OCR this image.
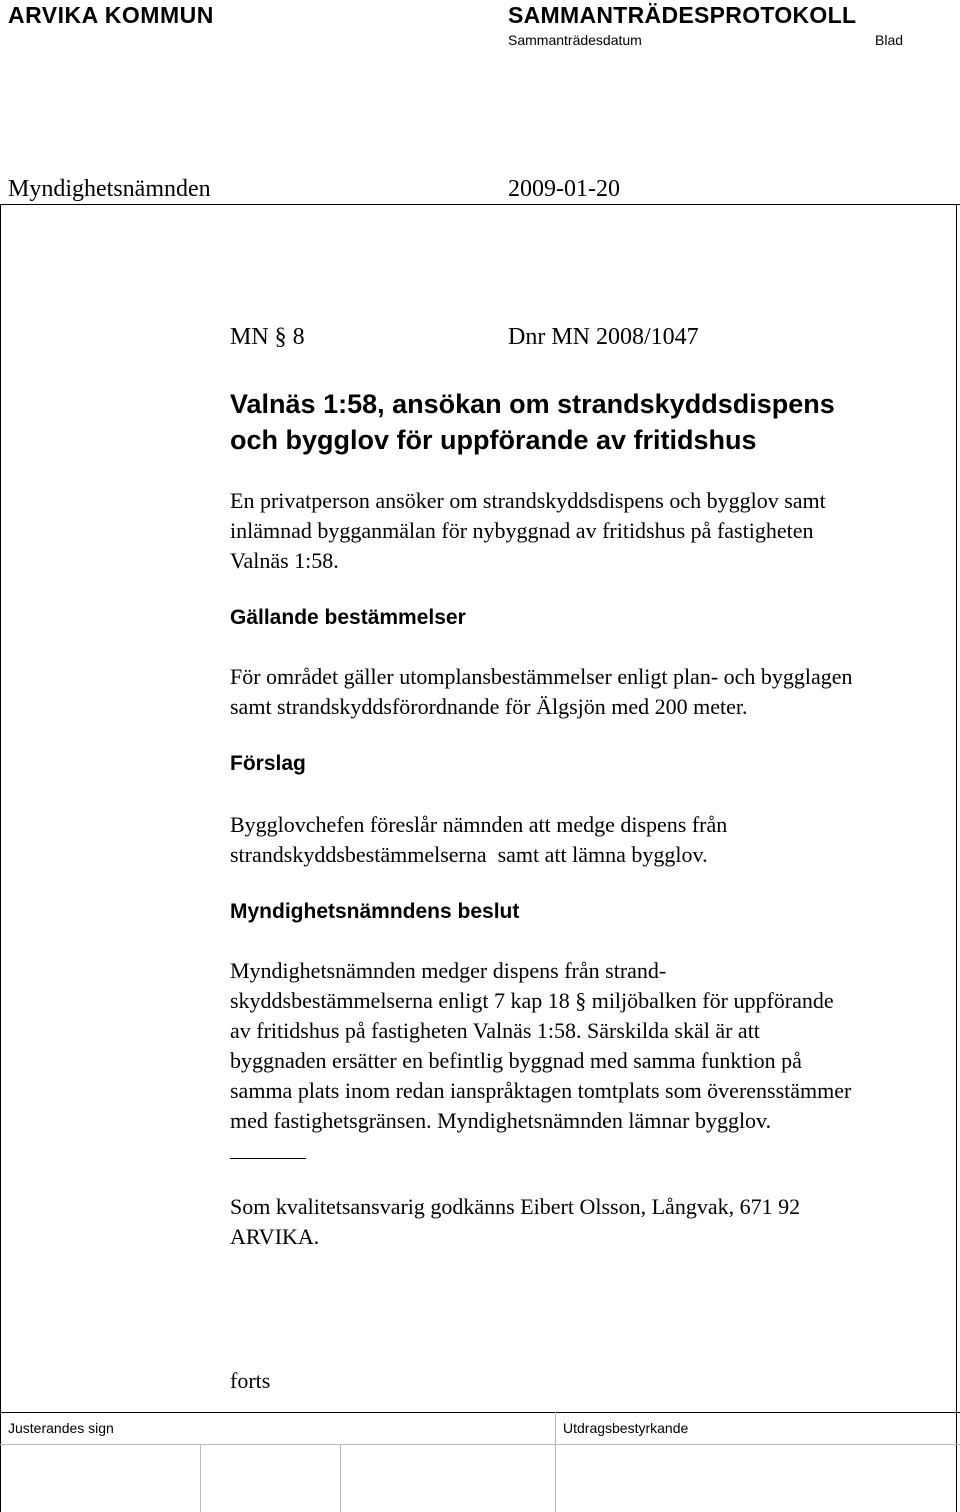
ARVIKA KOMMUN	SAMMANTRÄDESPROTOKOLL
Sammanträdesdatum	Blad
Myndighetsnämnden	2009-01-20
MN § 8	Dnr MN 2008/1047
Valnäs 1:58, ansökan om strandskyddsdispens
och bygglov för uppförande av fritidshus
En privatperson ansöker om strandskyddsdispens och bygglov samt
inlämnad bygganmälan för nybyggnad av fritidshus på fastigheten
Valnäs 1:58.
Gällande bestämmelser
För området gäller utomplansbestämmelser enligt plan- och bygglagen
samt strandskyddsförordnande för Älgsjön med 200 meter.
Förslag
Bygglovchefen föreslår nämnden att medge dispens från
strandskyddsbestämmelserna  samt att lämna bygglov.
Myndighetsnämndens beslut
Myndighetsnämnden medger dispens från strand-
skyddsbestämmelserna enligt 7 kap 18 § miljöbalken för uppförande
av fritidshus på fastigheten Valnäs 1:58. Särskilda skäl är att
byggnaden ersätter en befintlig byggnad med samma funktion på
samma plats inom redan ianspråktagen tomtplats som överensstämmer
med fastighetsgränsen. Myndighetsnämnden lämnar bygglov.
Som kvalitetsansvarig godkänns Eibert Olsson, Långvak, 671 92
ARVIKA.
forts
Justerandes sign	Utdragsbestyrkande
